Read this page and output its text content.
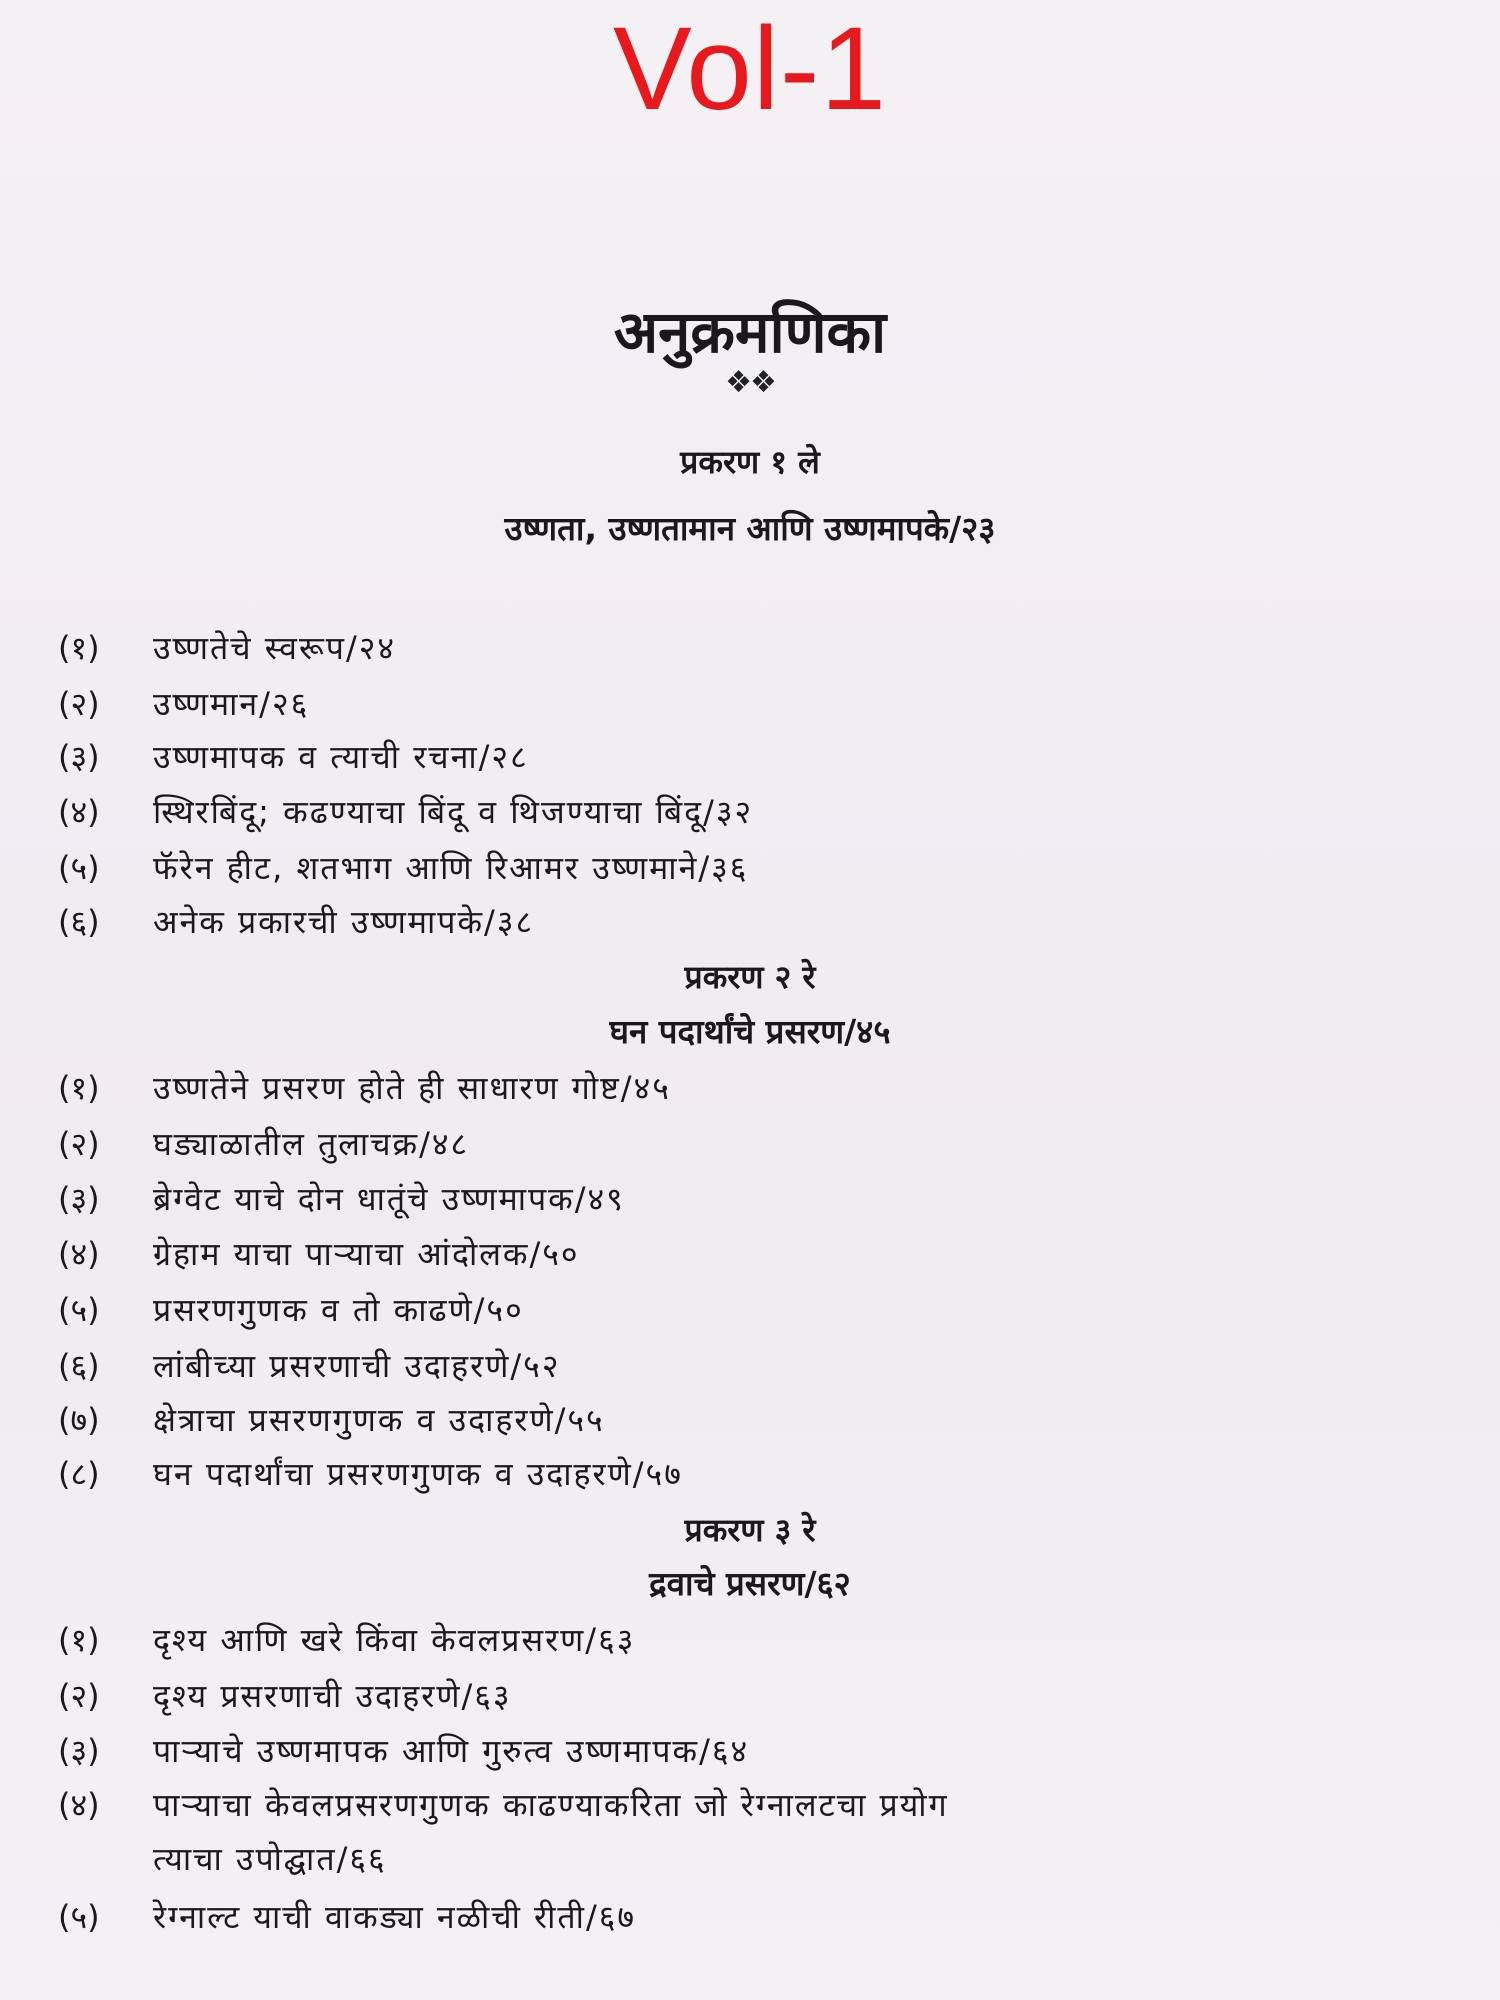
Vol-1
अनुक्रमणिका
❖❖
प्रकरण १ ले
उष्णता, उष्णतामान आणि उष्णमापके/२३
(१) उष्णतेचे स्वरूप/२४
(२) उष्णमान/२६
(३) उष्णमापक व त्याची रचना/२८
(४) स्थिरबिंदू; कढण्याचा बिंदू व थिजण्याचा बिंदू/३२
(५) फॅरेन हीट, शतभाग आणि रिआमर उष्णमाने/३६
(६) अनेक प्रकारची उष्णमापके/३८
प्रकरण २ रे
घन पदार्थांचे प्रसरण/४५
(१) उष्णतेने प्रसरण होते ही साधारण गोष्ट/४५
(२) घड्याळातील तुलाचक्र/४८
(३) ब्रेग्वेट याचे दोन धातूंचे उष्णमापक/४९
(४) ग्रेहाम याचा पाऱ्याचा आंदोलक/५०
(५) प्रसरणगुणक व तो काढणे/५०
(६) लांबीच्या प्रसरणाची उदाहरणे/५२
(७) क्षेत्राचा प्रसरणगुणक व उदाहरणे/५५
(८) घन पदार्थांचा प्रसरणगुणक व उदाहरणे/५७
प्रकरण ३ रे
द्रवाचे प्रसरण/६२
(१) दृश्य आणि खरे किंवा केवलप्रसरण/६३
(२) दृश्य प्रसरणाची उदाहरणे/६३
(३) पाऱ्याचे उष्णमापक आणि गुरुत्व उष्णमापक/६४
(४) पाऱ्याचा केवलप्रसरणगुणक काढण्याकरिता जो रेग्नालटचा प्रयोग
त्याचा उपोद्घात/६६
(५) रेग्नाल्ट याची वाकड्या नळीची रीती/६७
